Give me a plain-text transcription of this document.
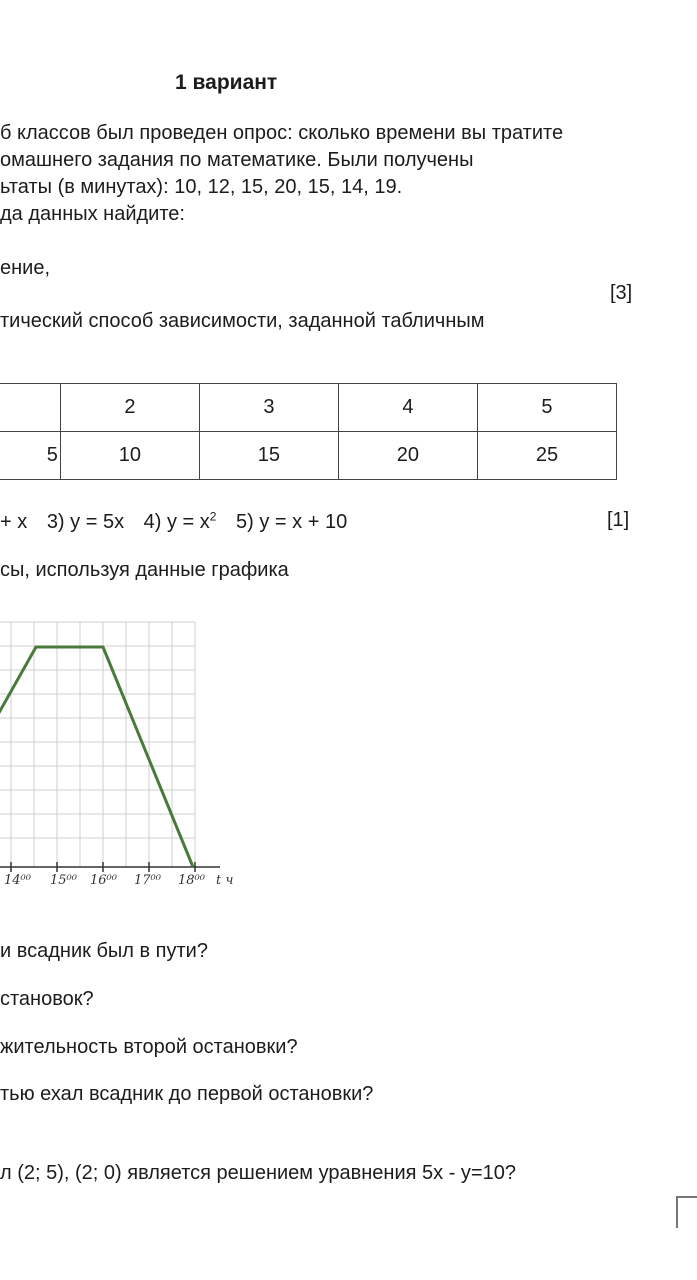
1 вариант
б классов был проведен опрос: сколько времени вы тратите
омашнего задания по математике. Были получены
ьтаты (в минутах): 10, 12, 15, 20, 15, 14, 19.
да данных найдите:
ение,
[3]
тический способ зависимости, заданной табличным
	2	3	4	5
5	10	15	20	25
+ x 3) y = 5x 4) $y = x^2$ 5) y = x + 10	[1]
сы, используя данные графика
14⁰⁰ 15⁰⁰ 16⁰⁰ 17⁰⁰ 18⁰⁰ t ч
и всадник был в пути?
становок?
жительность второй остановки?
тью ехал всадник до первой остановки?
л (2; 5), (2; 0) является решением уравнения 5x - y=10?
